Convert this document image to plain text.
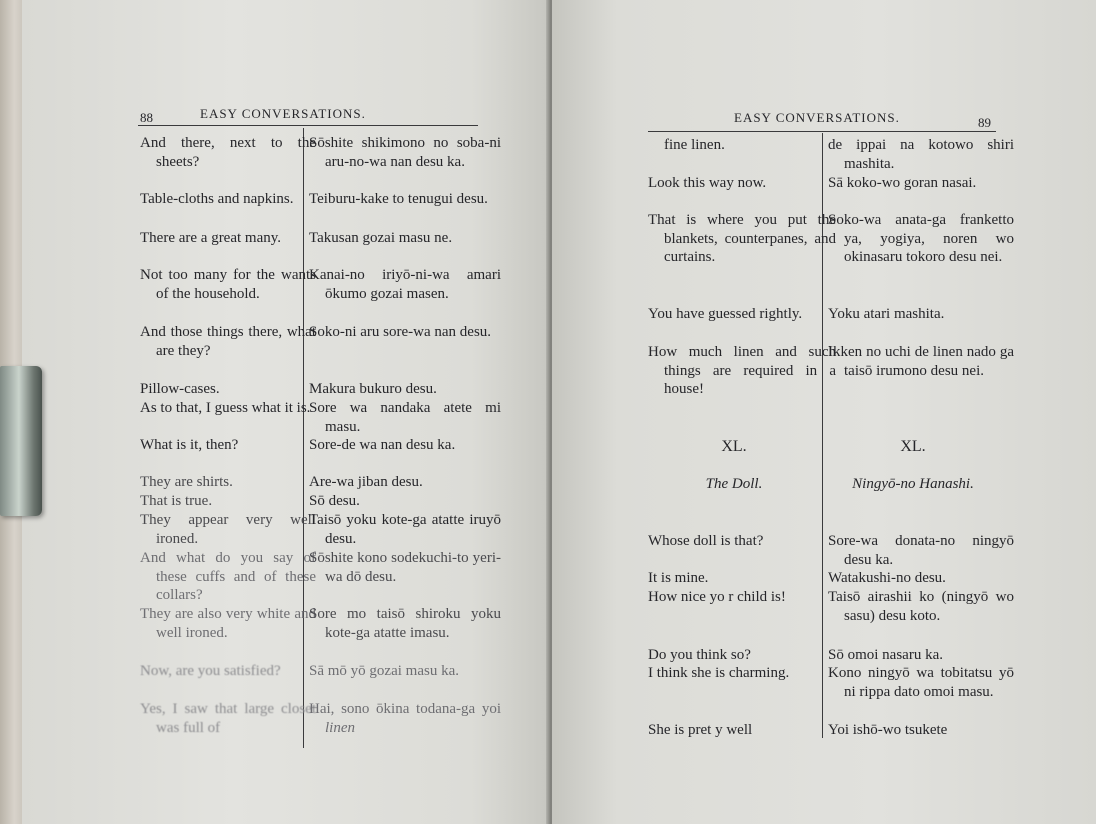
88	EASY CONVERSATIONS.
And there, next to the sheets?
Table-cloths and napkins.
There are a great many.
Not too many for the wants of the household.
And those things there, what are they?
Pillow-cases.
As to that, I guess what it is.
What is it, then?
They are shirts.
That is true.
They appear very well ironed.
And what do you say of these cuffs and of these collars?
They are also very white and well ironed.
Now, are you satisfied?
Yes, I saw that large closet was full of
Sōshite shikimono no soba-ni aru-no-wa nan desu ka.
Teiburu-kake to tenugui desu.
Takusan gozai masu ne.
Kanai-no iriyō-ni-wa amari ōkumo gozai masen.
Soko-ni aru sore-wa nan desu.
Makura bukuro desu.
Sore wa nandaka atete mi masu.
Sore-de wa nan desu ka.
Are-wa jiban desu.
Sō desu.
Taisō yoku kote-ga atatte iruyō desu.
Sōshite kono sodekuchi-to yeri-wa dō desu.
Sore mo taisō shiroku yoku kote-ga atatte imasu.
Sā mō yō gozai masu ka.
Hai, sono ōkina todana-ga yoi linen
EASY CONVERSATIONS.	89
fine linen.
Look this way now.
That is where you put the blankets, counterpanes, and curtains.
You have guessed rightly.
How much linen and such things are required in a house!
XL.
The Doll.
Whose doll is that?
It is mine.
How nice yo r child is!
Do you think so?
I think she is charming.
She is pret y well
de ippai na kotowo shiri mashita.
Sā koko-wo goran nasai.
Soko-wa anata-ga franketto ya, yogiya, noren wo okinasaru tokoro desu nei.
Yoku atari mashita.
Ikken no uchi de linen nado ga taisō irumono desu nei.
XL.
Ningyō-no Hanashi.
Sore-wa donata-no ningyō desu ka.
Watakushi-no desu.
Taisō airashii ko (ningyō wo sasu) desu koto.
Sō omoi nasaru ka.
Kono ningyō wa tobitatsu yō ni rippa dato omoi masu.
Yoi ishō-wo tsukete
